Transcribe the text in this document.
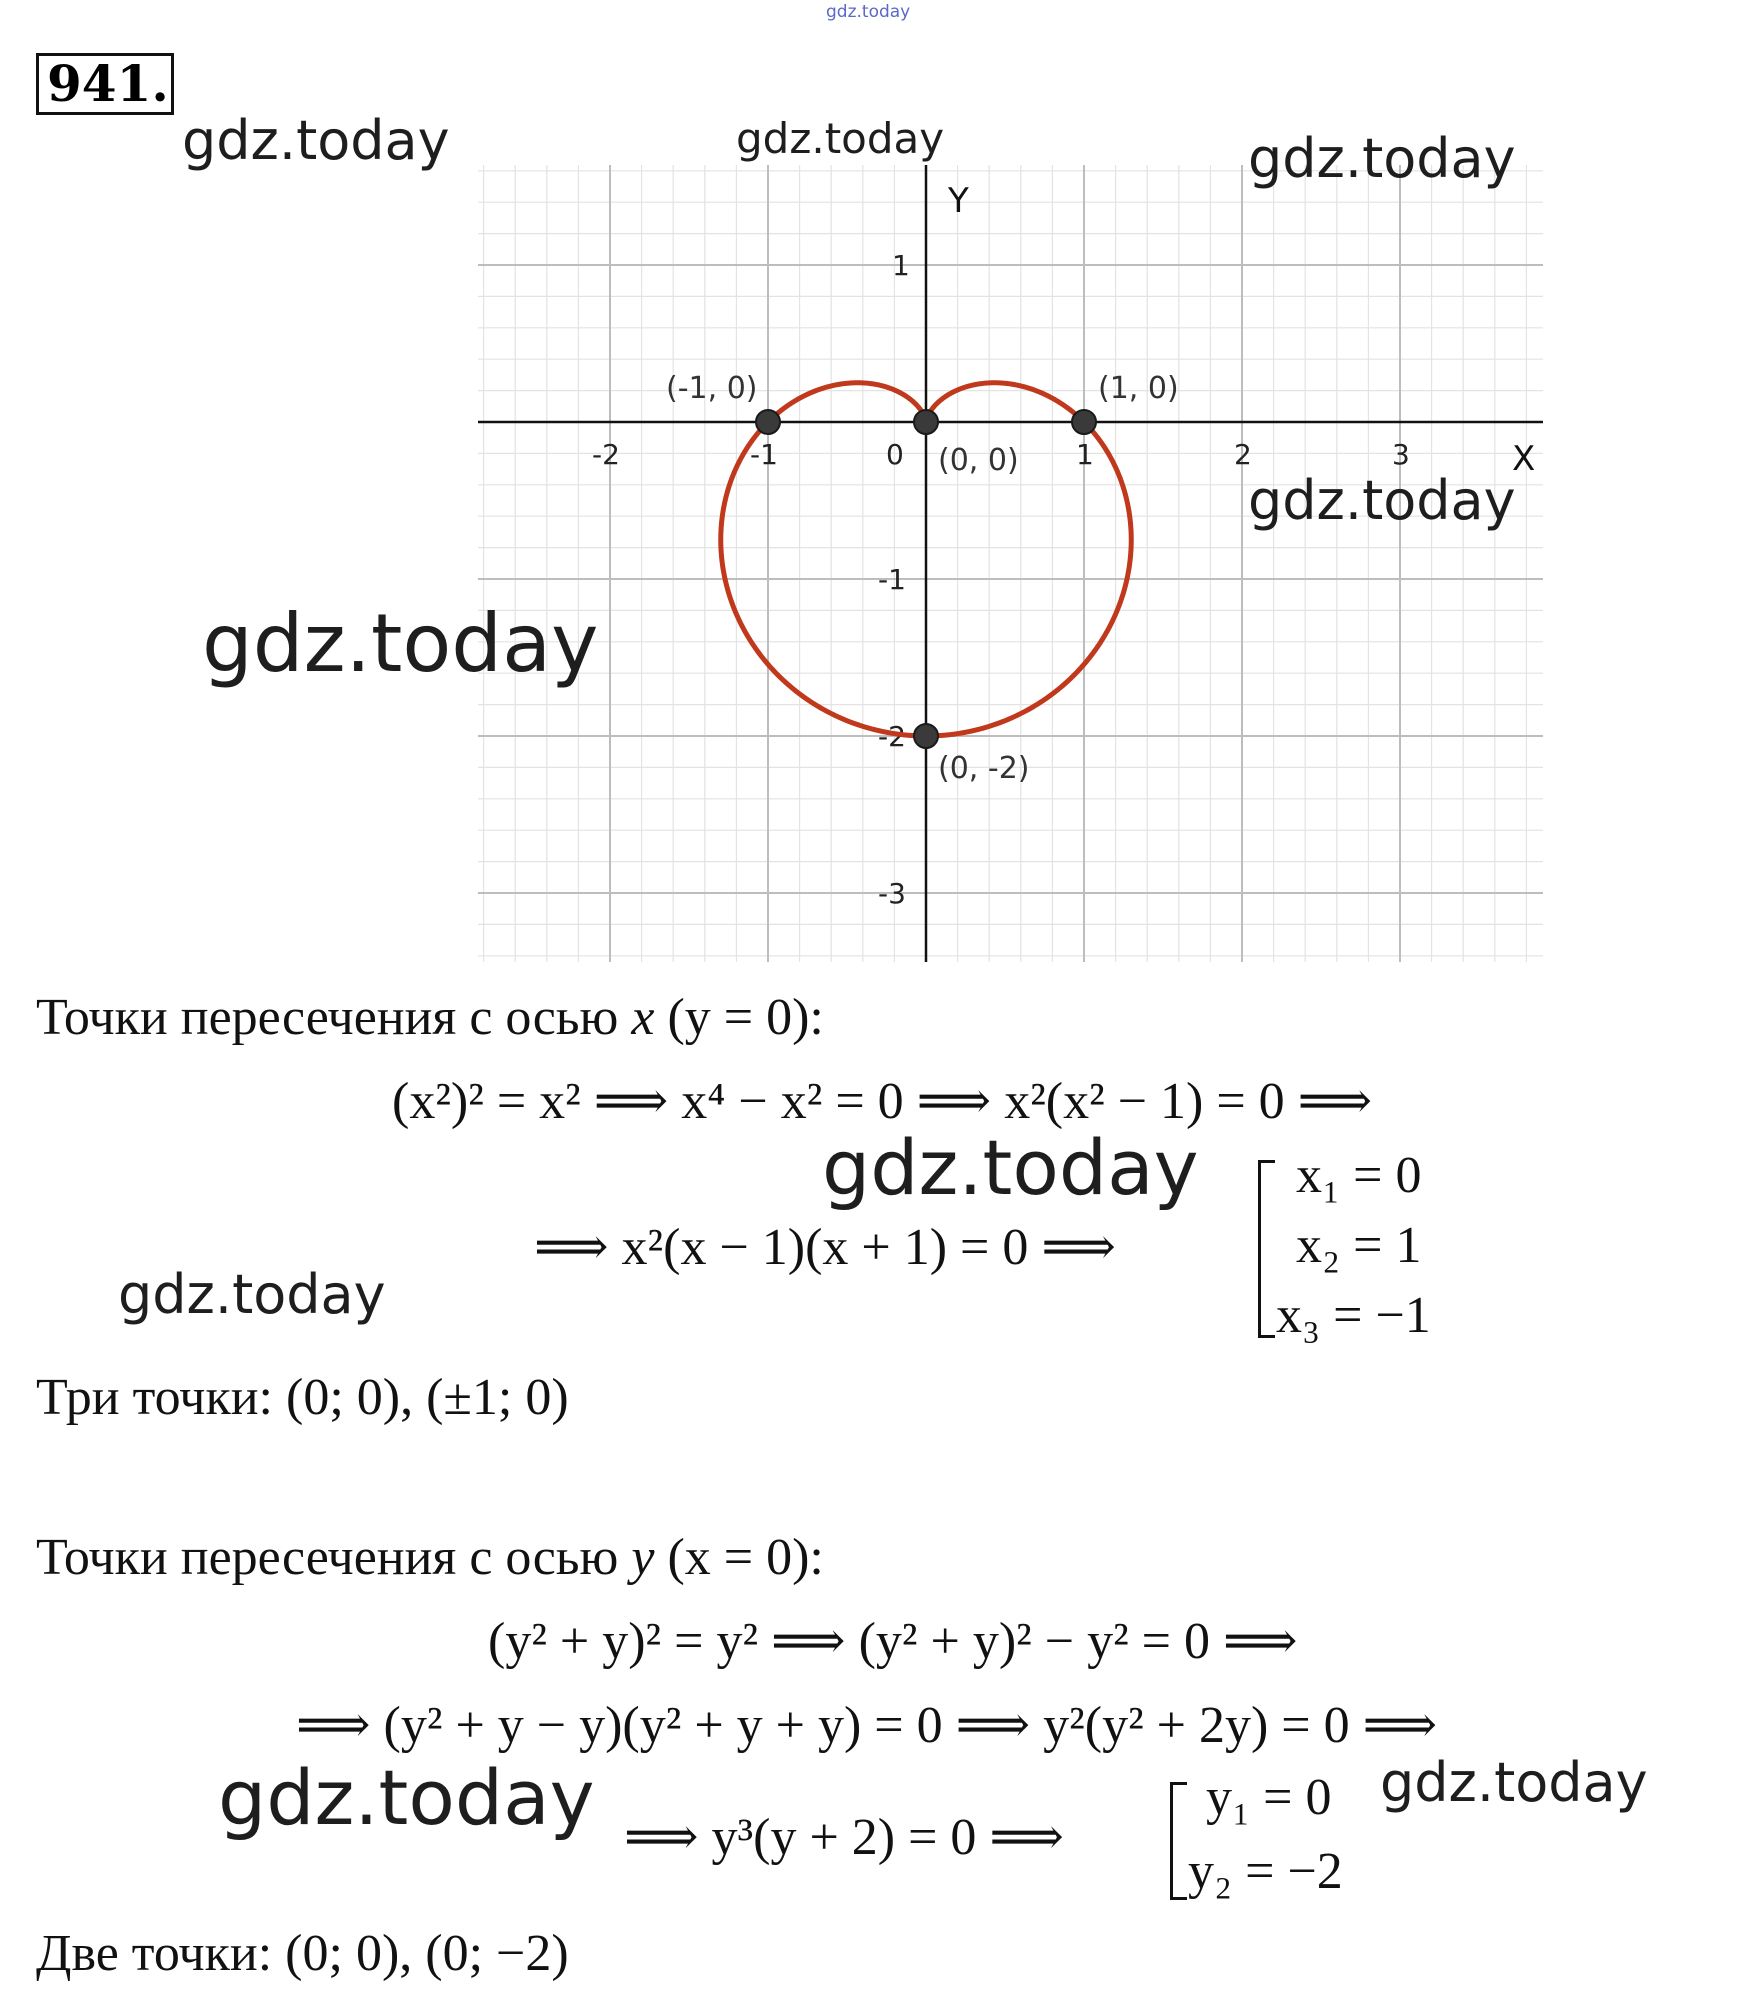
gdz.today
941.
X
Y
0
-2	-1	1	2	3
1
-1
-2
-3
(-1, 0)
(0, 0)
(1, 0)
(0, -2)
gdz.today	gdz.today	gdz.today
gdz.today
gdz.today
gdz.today
gdz.today
gdz.today	gdz.today
Точки пересечения с осью x (y = 0):
(x²)² = x² ⟹ x⁴ − x² = 0 ⟹ x²(x² − 1) = 0 ⟹
⟹ x²(x − 1)(x + 1) = 0 ⟹
x₁ = 0
x₂ = 1
x₃ = −1
Три точки: (0; 0), (±1; 0)
Точки пересечения с осью y (x = 0):
(y² + y)² = y² ⟹ (y² + y)² − y² = 0 ⟹
⟹ (y² + y − y)(y² + y + y) = 0 ⟹ y²(y² + 2y) = 0 ⟹
⟹ y³(y + 2) = 0 ⟹
y₁ = 0
y₂ = −2
Две точки: (0; 0), (0; −2)
